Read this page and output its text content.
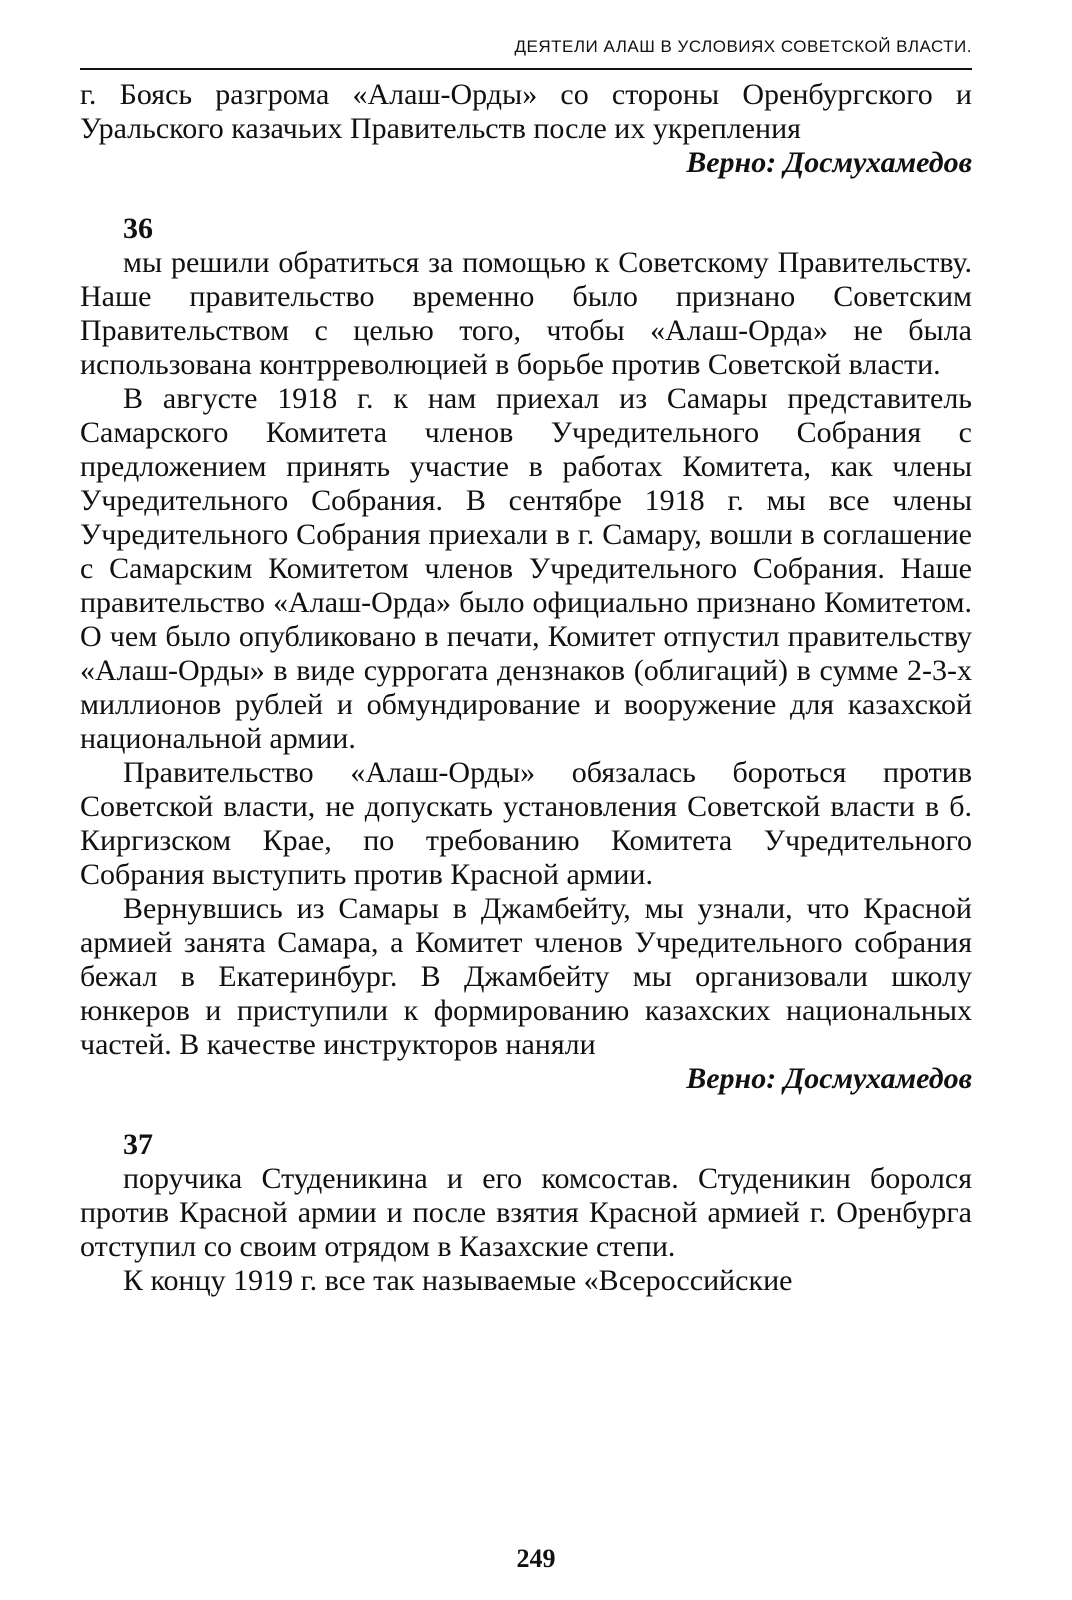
ДЕЯТЕЛИ АЛАШ В УСЛОВИЯХ СОВЕТСКОЙ ВЛАСТИ.

г. Боясь разгрома «Алаш-Орды» со стороны Оренбургского и Уральского казачьих Правительств после их укрепления

Верно: Досмухамедов

36

мы решили обратиться за помощью к Советскому Правительству. Наше правительство временно было признано Советским Правительством с целью того, чтобы «Алаш-Орда» не была использована контрреволюцией в борьбе против Советской власти.

В августе 1918 г. к нам приехал из Самары представитель Самарского Комитета членов Учредительного Собрания с предложением принять участие в работах Комитета, как члены Учредительного Собрания. В сентябре 1918 г. мы все члены Учредительного Собрания приехали в г. Самару, вошли в соглашение с Самарским Комитетом членов Учредительного Собрания. Наше правительство «Алаш-Орда» было официально признано Комитетом. О чем было опубликовано в печати, Комитет отпустил правительству «Алаш-Орды» в виде суррогата дензнаков (облигаций) в сумме 2-3-х миллионов рублей и обмундирование и вооружение для казахской национальной армии.

Правительство «Алаш-Орды» обязалась бороться против Советской власти, не допускать установления Советской власти в б. Киргизском Крае, по требованию Комитета Учредительного Собрания выступить против Красной армии.

Вернувшись из Самары в Джамбейту, мы узнали, что Красной армией занята Самара, а Комитет членов Учредительного собрания бежал в Екатеринбург. В Джамбейту мы организовали школу юнкеров и приступили к формированию казахских национальных частей. В качестве инструкторов наняли

Верно: Досмухамедов

37

поручика Студеникина и его комсостав. Студеникин боролся против Красной армии и после взятия Красной армией г. Оренбурга отступил со своим отрядом в Казахские степи.

К концу 1919 г. все так называемые «Всероссийские

249
